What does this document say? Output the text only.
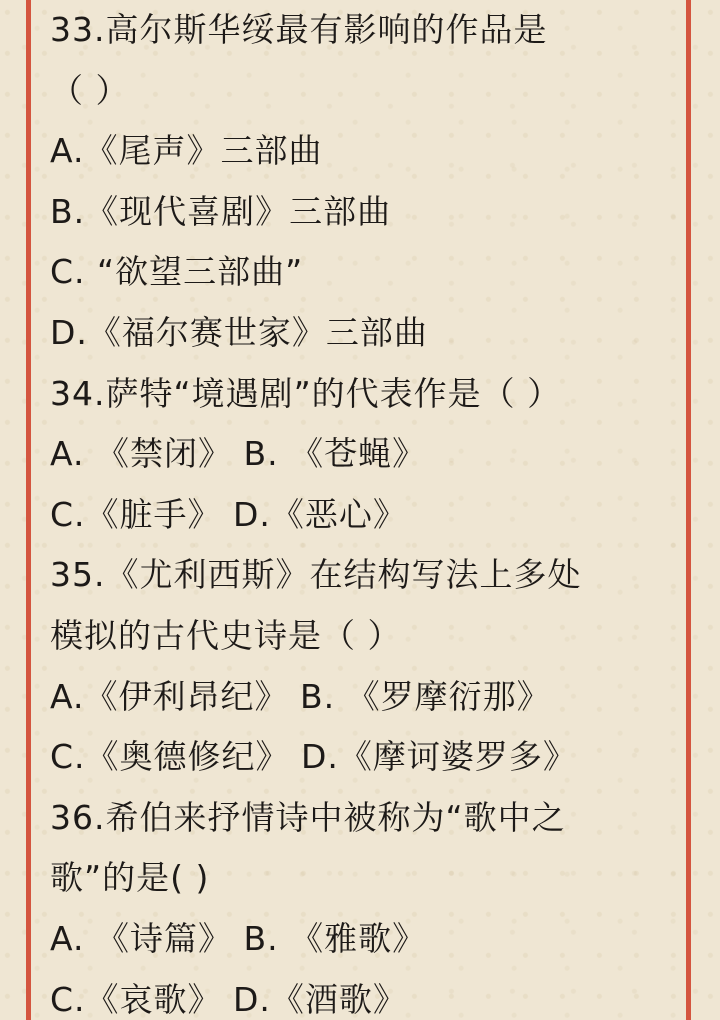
33.高尔斯华绥最有影响的作品是
（ ）
A.《尾声》三部曲
B.《现代喜剧》三部曲
C. “欲望三部曲”
D.《福尔赛世家》三部曲
34.萨特“境遇剧”的代表作是（ ）
A. 《禁闭》 B. 《苍蝇》
C.《脏手》 D.《恶心》
35.《尤利西斯》在结构写法上多处
模拟的古代史诗是（ ）
A.《伊利昂纪》 B. 《罗摩衍那》
C.《奥德修纪》 D.《摩诃婆罗多》
36.希伯来抒情诗中被称为“歌中之
歌”的是( )
A. 《诗篇》 B. 《雅歌》
C.《哀歌》 D.《酒歌》
